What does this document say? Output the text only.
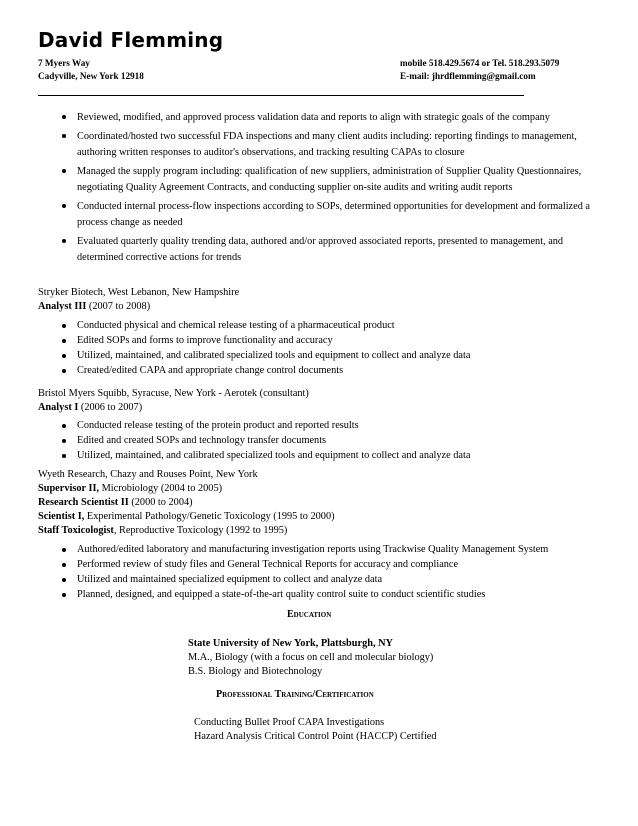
David Flemming
7 Myers Way
Cadyville, New York 12918
mobile 518.429.5674 or Tel. 518.293.5079
E-mail: jhrdflemming@gmail.com
Reviewed, modified, and approved process validation data and reports to align with strategic goals of the company
Coordinated/hosted two successful FDA inspections and many client audits including: reporting findings to management, authoring written responses to auditor's observations, and tracking resulting CAPAs to closure
Managed the supply program including: qualification of new suppliers, administration of Supplier Quality Questionnaires, negotiating Quality Agreement Contracts, and conducting supplier on-site audits and writing audit reports
Conducted internal process-flow inspections according to SOPs, determined opportunities for development and formalized a process change as needed
Evaluated quarterly quality trending data, authored and/or approved associated reports, presented to management, and determined corrective actions for trends
Stryker Biotech, West Lebanon, New Hampshire
Analyst III (2007 to 2008)
Conducted physical and chemical release testing of a pharmaceutical product
Edited SOPs and forms to improve functionality and accuracy
Utilized, maintained, and calibrated specialized tools and equipment to collect and analyze data
Created/edited CAPA and appropriate change control documents
Bristol Myers Squibb, Syracuse, New York - Aerotek (consultant)
Analyst I (2006 to 2007)
Conducted release testing of the protein product and reported results
Edited and created SOPs and technology transfer documents
Utilized, maintained, and calibrated specialized tools and equipment to collect and analyze data
Wyeth Research, Chazy and Rouses Point, New York
Supervisor II, Microbiology (2004 to 2005)
Research Scientist II (2000 to 2004)
Scientist I, Experimental Pathology/Genetic Toxicology (1995 to 2000)
Staff Toxicologist, Reproductive Toxicology (1992 to 1995)
Authored/edited laboratory and manufacturing investigation reports using Trackwise Quality Management System
Performed review of study files and General Technical Reports for accuracy and compliance
Utilized and maintained specialized equipment to collect and analyze data
Planned, designed, and equipped a state-of-the-art quality control suite to conduct scientific studies
Education
State University of New York, Plattsburgh, NY
M.A., Biology (with a focus on cell and molecular biology)
B.S. Biology and Biotechnology
Professional Training/Certification
Conducting Bullet Proof CAPA Investigations
Hazard Analysis Critical Control Point (HACCP) Certified
